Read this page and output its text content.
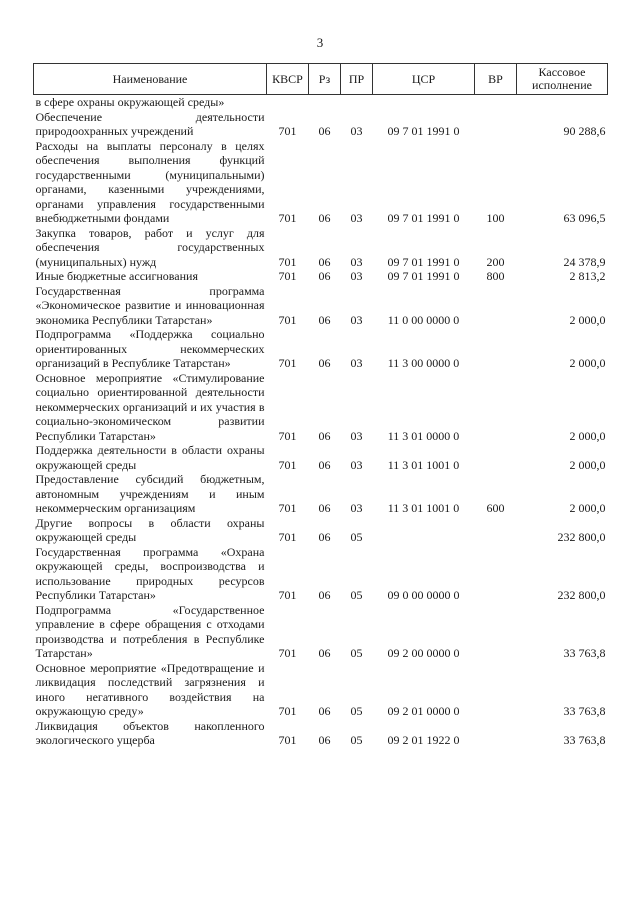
3
Наименование	КВСР	Рз	ПР	ЦСР	ВР	Кассовое исполнение
в сфере охраны окружающей среды»						
Обеспечение деятельности природоохранных учреждений	701	06	03	09 7 01 1991 0		90 288,6
Расходы на выплаты персоналу в целях обеспечения выполнения функций государственными (муниципальными) органами, казенными учреждениями, органами управления государственными внебюджетными фондами	701	06	03	09 7 01 1991 0	100	63 096,5
Закупка товаров, работ и услуг для обеспечения государственных (муниципальных) нужд	701	06	03	09 7 01 1991 0	200	24 378,9
Иные бюджетные ассигнования	701	06	03	09 7 01 1991 0	800	2 813,2
Государственная программа «Экономическое развитие и инновационная экономика Республики Татарстан»	701	06	03	11 0 00 0000 0		2 000,0
Подпрограмма «Поддержка социально ориентированных некоммерческих организаций в Республике Татарстан»	701	06	03	11 3 00 0000 0		2 000,0
Основное мероприятие «Стимулирование социально ориентированной деятельности некоммерческих организаций и их участия в социально-экономическом развитии Республики Татарстан»	701	06	03	11 3 01 0000 0		2 000,0
Поддержка деятельности в области охраны окружающей среды	701	06	03	11 3 01 1001 0		2 000,0
Предоставление субсидий бюджетным, автономным учреждениям и иным некоммерческим организациям	701	06	03	11 3 01 1001 0	600	2 000,0
Другие вопросы в области охраны окружающей среды	701	06	05			232 800,0
Государственная программа «Охрана окружающей среды, воспроизводства и использование природных ресурсов Республики Татарстан»	701	06	05	09 0 00 0000 0		232 800,0
Подпрограмма «Государственное управление в сфере обращения с отходами производства и потребления в Республике Татарстан»	701	06	05	09 2 00 0000 0		33 763,8
Основное мероприятие «Предотвращение и ликвидация последствий загрязнения и иного негативного воздействия на окружающую среду»	701	06	05	09 2 01 0000 0		33 763,8
Ликвидация объектов накопленного экологического ущерба	701	06	05	09 2 01 1922 0		33 763,8
